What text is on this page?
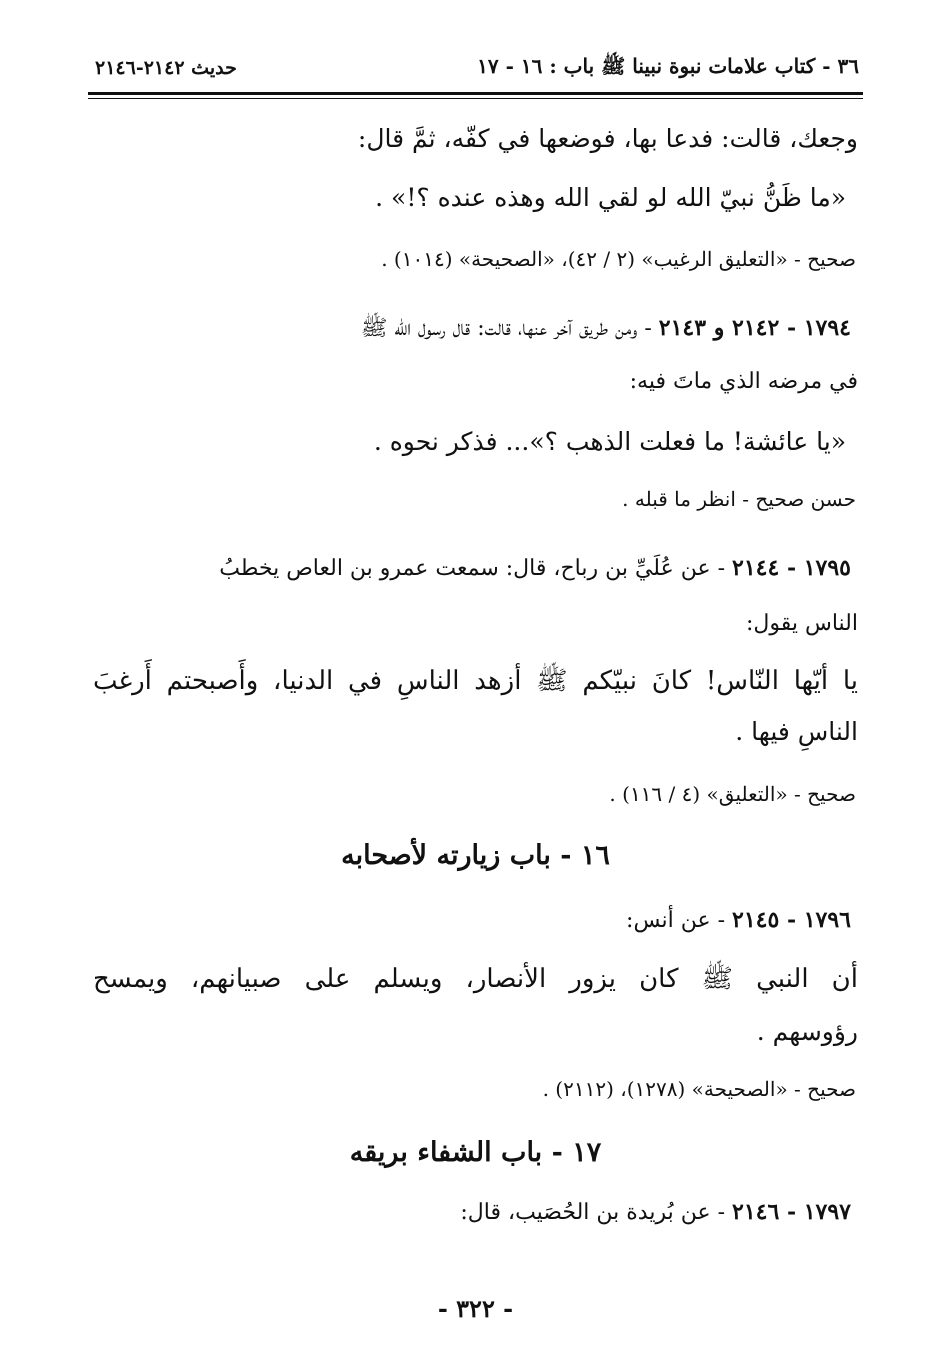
٣٦ - كتاب علامات نبوة نبينا ﷺ باب : ١٦ - ١٧
حديث ٢١٤٢-٢١٤٦
وجعك، قالت: فدعا بها، فوضعها في كفّه، ثمَّ قال:
«ما ظَنُّ نبيّ الله لو لقي الله وهذه عنده ؟!» .
صحيح - «التعليق الرغيب» (٢ / ٤٢)، «الصحيحة» (١٠١٤) .
١٧٩٤ - ٢١٤٢ و ٢١٤٣ - ومن طريق آخر عنها، قالت: قال رسول الله ﷺ
في مرضه الذي ماتَ فيه:
«يا عائشة! ما فعلت الذهب ؟»... فذكر نحوه .
حسن صحيح - انظر ما قبله .
١٧٩٥ - ٢١٤٤ - عن عُلَيِّ بن رباح، قال: سمعت عمرو بن العاص يخطبُ
الناس يقول:
يا أيّها النّاس! كانَ نبيّكم ﷺ أزهد الناسِ في الدنيا، وأَصبحتم أَرغبَ
الناسِ فيها .
صحيح - «التعليق» (٤ / ١١٦) .
١٦ - باب زيارته لأصحابه
١٧٩٦ - ٢١٤٥ - عن أنس:
أن النبي ﷺ كان يزور الأنصار، ويسلم على صبيانهم، ويمسح
رؤوسهم .
صحيح - «الصحيحة» (١٢٧٨)، (٢١١٢) .
١٧ - باب الشفاء بريقه
١٧٩٧ - ٢١٤٦ - عن بُريدة بن الحُصَيب، قال:
- ٣٢٢ -
